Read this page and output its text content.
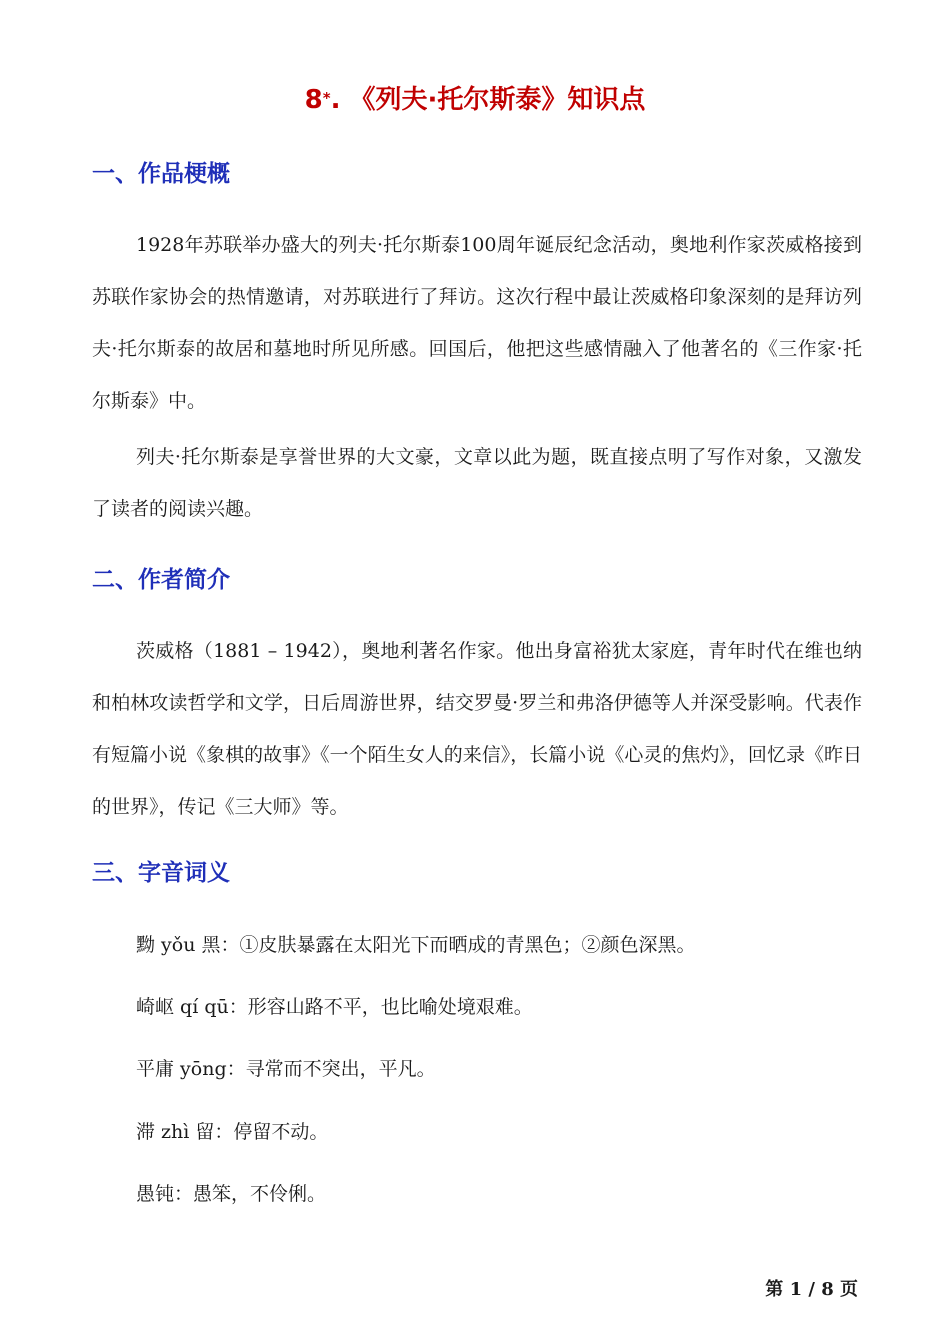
8*. 《列夫·托尔斯泰》知识点
一、作品梗概

1928年苏联举办盛大的列夫·托尔斯泰100周年诞辰纪念活动，奥地利作家茨威格接到苏联作家协会的热情邀请，对苏联进行了拜访。这次行程中最让茨威格印象深刻的是拜访列夫·托尔斯泰的故居和墓地时所见所感。回国后，他把这些感情融入了他著名的《三作家·托尔斯泰》中。

列夫·托尔斯泰是享誉世界的大文豪，文章以此为题，既直接点明了写作对象，又激发了读者的阅读兴趣。

二、作者简介

茨威格（1881 – 1942），奥地利著名作家。他出身富裕犹太家庭，青年时代在维也纳和柏林攻读哲学和文学，日后周游世界，结交罗曼·罗兰和弗洛伊德等人并深受影响。代表作有短篇小说《象棋的故事》《一个陌生女人的来信》，长篇小说《心灵的焦灼》，回忆录《昨日的世界》，传记《三大师》等。

三、字音词义
黝 yǒu 黑：①皮肤暴露在太阳光下而晒成的青黑色；②颜色深黑。
崎岖 qí qū：形容山路不平，也比喻处境艰难。
平庸 yōng：寻常而不突出，平凡。
滞 zhì 留：停留不动。
愚钝：愚笨，不伶俐。
第 1 / 8 页
